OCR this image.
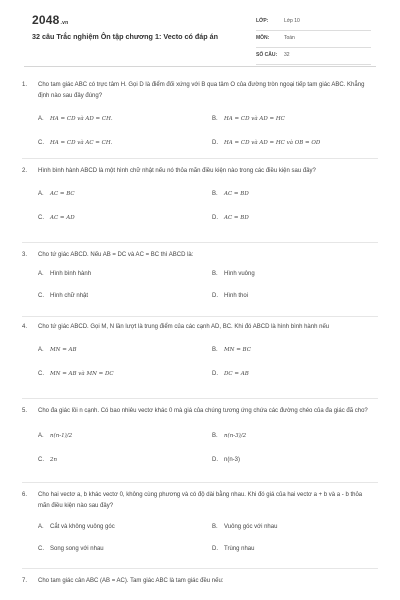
2048.vn
32 câu Trắc nghiệm Ôn tập chương 1: Vecto có đáp án
LỚP:	Lớp 10
MÔN:	Toán
SỐ CÂU: 32
1.	Cho tam giác ABC có trực tâm H. Gọi D là điểm đối xứng với B qua tâm O của đường tròn ngoại tiếp tam giác ABC. Khẳng định nào sau đây đúng?
A. HA = CD và AD = CH.	B. HA = CD và AD = HC
C. HA = CD và AC = CH.	D. HA = CD và AD = HC và OB = OD
2.	Hình bình hành ABCD là một hình chữ nhật nếu nó thỏa mãn điều kiện nào trong các điều kiện sau đây?
A. AC = BC	B. AC = BD
C. AC = AD	D. AC = BD
3.	Cho tứ giác ABCD. Nếu AB = DC và AC = BC thì ABCD là:
A. Hình bình hành	B. Hình vuông
C. Hình chữ nhật	D. Hình thoi
4.	Cho tứ giác ABCD. Gọi M, N lần lượt là trung điểm của các cạnh AD, BC. Khi đó ABCD là hình bình hành nếu
A. MN = AB	B. MN = BC
C. MN = AB và MN = DC	D. DC = AB
5.	Cho đa giác lồi n cạnh. Có bao nhiêu vectơ khác 0 mà giá của chúng tương ứng chứa các đường chéo của đa giác đã cho?
A. n(n-1)/2	B. n(n-3)/2
C. 2n	D. n(n-3)
6.	Cho hai vectơ a, b khác vectơ 0, không cùng phương và có độ dài bằng nhau. Khi đó giá của hai vectơ a + b và a - b thỏa mãn điều kiện nào sau đây?
A. Cắt và không vuông góc	B. Vuông góc với nhau
C. Song song với nhau	D. Trùng nhau
7.	Cho tam giác cân ABC (AB = AC). Tam giác ABC là tam giác đều nếu:
